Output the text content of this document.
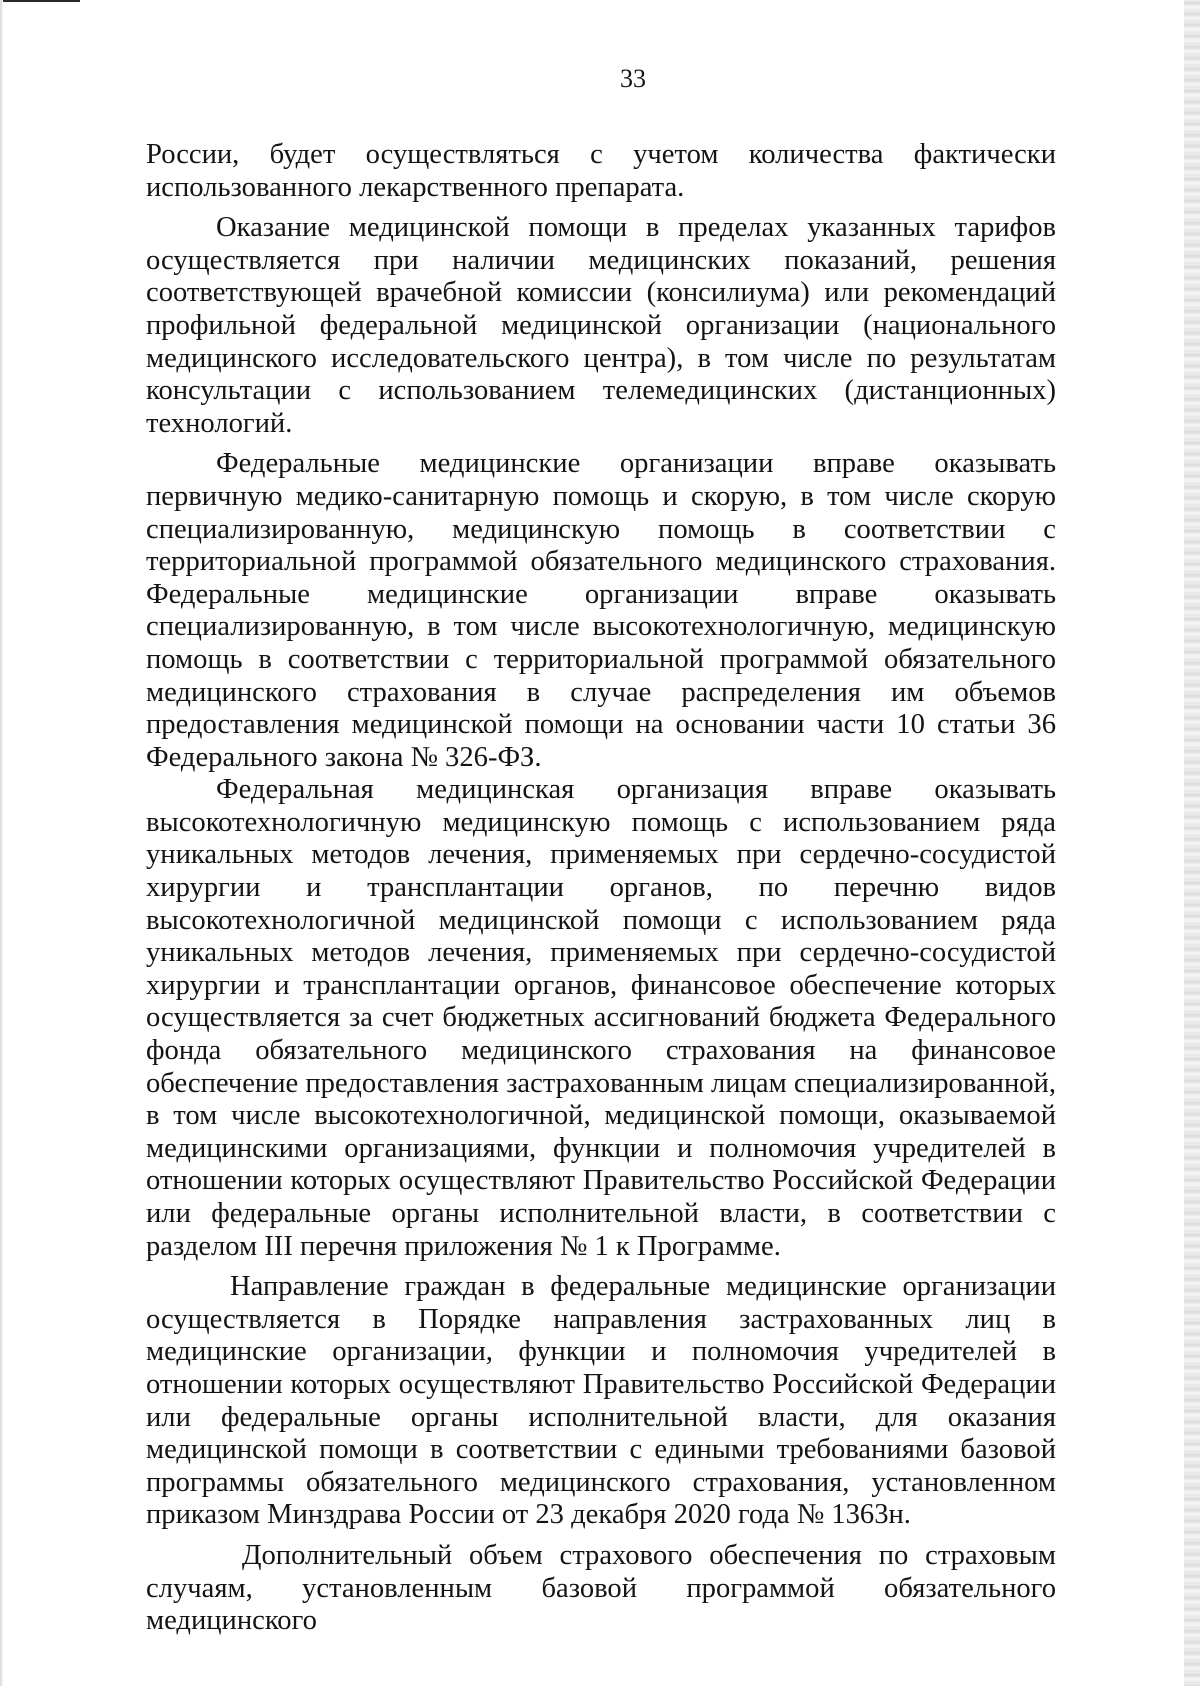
33

России, будет осуществляться с учетом количества фактически использованного лекарственного препарата.

Оказание медицинской помощи в пределах указанных тарифов осуществляется при наличии медицинских показаний, решения соответствующей врачебной комиссии (консилиума) или рекомендаций профильной федеральной медицинской организации (национального медицинского исследовательского центра), в том числе по результатам консультации с использованием телемедицинских (дистанционных) технологий.

Федеральные медицинские организации вправе оказывать первичную медико-санитарную помощь и скорую, в том числе скорую специализированную, медицинскую помощь в соответствии с территориальной программой обязательного медицинского страхования. Федеральные медицинские организации вправе оказывать специализированную, в том числе высокотехнологичную, медицинскую помощь в соответствии с территориальной программой обязательного медицинского страхования в случае распределения им объемов предоставления медицинской помощи на основании части 10 статьи 36 Федерального закона № 326-ФЗ.

Федеральная медицинская организация вправе оказывать высокотехнологичную медицинскую помощь с использованием ряда уникальных методов лечения, применяемых при сердечно-сосудистой хирургии и трансплантации органов, по перечню видов высокотехнологичной медицинской помощи с использованием ряда уникальных методов лечения, применяемых при сердечно-сосудистой хирургии и трансплантации органов, финансовое обеспечение которых осуществляется за счет бюджетных ассигнований бюджета Федерального фонда обязательного медицинского страхования на финансовое обеспечение предоставления застрахованным лицам специализированной, в том числе высокотехнологичной, медицинской помощи, оказываемой медицинскими организациями, функции и полномочия учредителей в отношении которых осуществляют Правительство Российской Федерации или федеральные органы исполнительной власти, в соответствии с разделом III перечня приложения № 1 к Программе.

Направление граждан в федеральные медицинские организации осуществляется в Порядке направления застрахованных лиц в медицинские организации, функции и полномочия учредителей в отношении которых осуществляют Правительство Российской Федерации или федеральные органы исполнительной власти, для оказания медицинской помощи в соответствии с едиными требованиями базовой программы обязательного медицинского страхования, установленном приказом Минздрава России от 23 декабря 2020 года № 1363н.

Дополнительный объем страхового обеспечения по страховым случаям, установленным базовой программой обязательного медицинского
